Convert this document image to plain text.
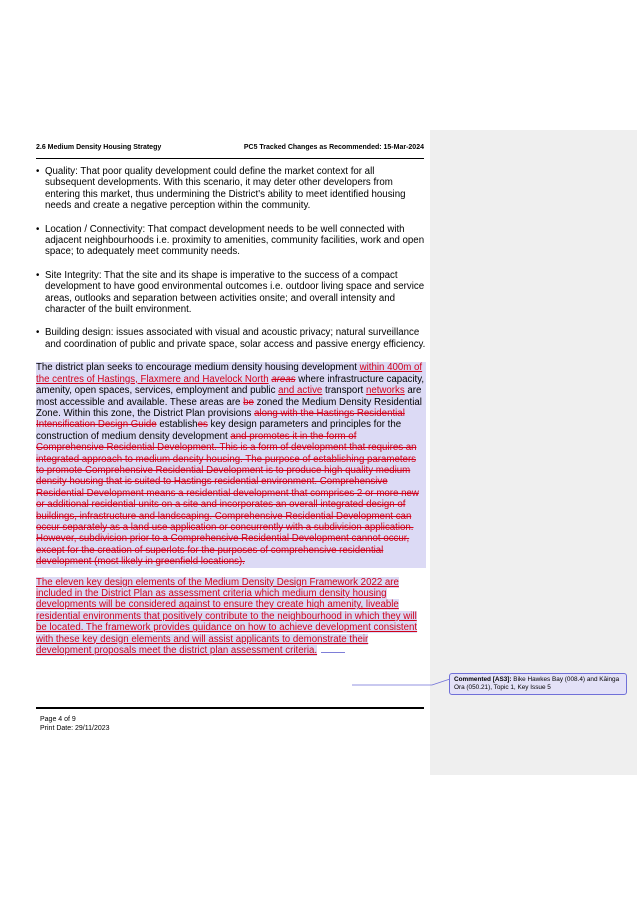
2.6 Medium Density Housing Strategy	PC5 Tracked Changes as Recommended: 15-Mar-2024
• Quality: That poor quality development could define the market context for all subsequent developments. With this scenario, it may deter other developers from entering this market, thus undermining the District's ability to meet identified housing needs and create a negative perception within the community.
• Location / Connectivity: That compact development needs to be well connected with adjacent neighbourhoods i.e. proximity to amenities, community facilities, work and open space; to adequately meet community needs.
• Site Integrity: That the site and its shape is imperative to the success of a compact development to have good environmental outcomes i.e. outdoor living space and service areas, outlooks and separation between activities onsite; and overall intensity and character of the built environment.
• Building design: issues associated with visual and acoustic privacy; natural surveillance and coordination of public and private space, solar access and passive energy efficiency.

The district plan seeks to encourage medium density housing development within 400m of the centres of Hastings, Flaxmere and Havelock North areas where infrastructure capacity, amenity, open spaces, services, employment and public and active transport networks are most accessible and available. These areas are be zoned the Medium Density Residential Zone. Within this zone, the District Plan provisions along with the Hastings Residential Intensification Design Guide establishes key design parameters and principles for the construction of medium density development and promotes it in the form of Comprehensive Residential Development. This is a form of development that requires an integrated approach to medium density housing. The purpose of establishing parameters to promote Comprehensive Residential Development is to produce high quality medium density housing that is suited to Hastings residential environment. Comprehensive Residential Development means a residential development that comprises 2 or more new or additional residential units on a site and incorporates an overall integrated design of buildings, infrastructure and landscaping. Comprehensive Residential Development can occur separately as a land use application or concurrently with a subdivision application. However, subdivision prior to a Comprehensive Residential Development cannot occur, except for the creation of superlots for the purposes of comprehensive residential development (most likely in greenfield locations).

The eleven key design elements of the Medium Density Design Framework 2022 are included in the District Plan as assessment criteria which medium density housing developments will be considered against to ensure they create high amenity, liveable residential environments that positively contribute to the neighbourhood in which they will be located. The framework provides guidance on how to achieve development consistent with these key design elements and will assist applicants to demonstrate their development proposals meet the district plan assessment criteria.

Commented [AS3]: Bike Hawkes Bay (008.4) and Kāinga Ora (050.21), Topic 1, Key Issue 5
Page 4 of 9
Print Date: 29/11/2023
